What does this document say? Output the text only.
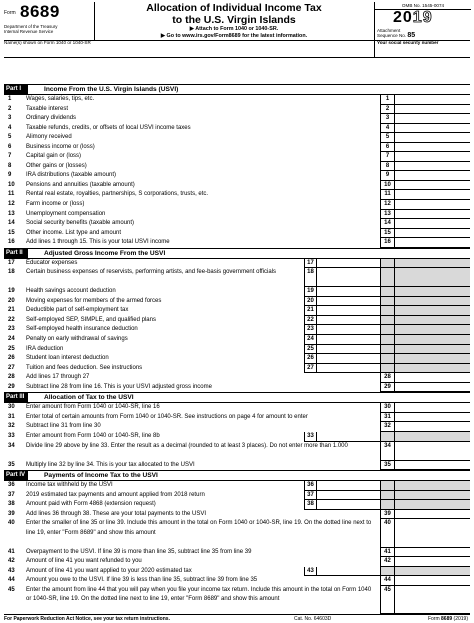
Form 8689
Department of the Treasury
Internal Revenue Service
Allocation of Individual Income Tax
to the U.S. Virgin Islands
▶ Attach to Form 1040 or 1040-SR.
▶ Go to www.irs.gov/Form8689 for the latest information.
OMB No. 1545-0074
2019
Attachment
Sequence No. 85
Name(s) shown on Form 1040 or 1040-SR	Your social security number
Part I	Income From the U.S. Virgin Islands (USVI)
1 Wages, salaries, tips, etc.	1
2 Taxable interest	2
3 Ordinary dividends	3
4 Taxable refunds, credits, or offsets of local USVI income taxes	4
5 Alimony received	5
6 Business income or (loss)	6
7 Capital gain or (loss)	7
8 Other gains or (losses)	8
9 IRA distributions (taxable amount)	9
10 Pensions and annuities (taxable amount)	10
11 Rental real estate, royalties, partnerships, S corporations, trusts, etc.	11
12 Farm income or (loss)	12
13 Unemployment compensation	13
14 Social security benefits (taxable amount)	14
15 Other income. List type and amount	15
16 Add lines 1 through 15. This is your total USVI income	16
Part II	Adjusted Gross Income From the USVI
17 Educator expenses	17
18 Certain business expenses of reservists, performing artists, and fee-basis government officials	18
19 Health savings account deduction	19
20 Moving expenses for members of the armed forces	20
21 Deductible part of self-employment tax	21
22 Self-employed SEP, SIMPLE, and qualified plans	22
23 Self-employed health insurance deduction	23
24 Penalty on early withdrawal of savings	24
25 IRA deduction	25
26 Student loan interest deduction	26
27 Tuition and fees deduction. See instructions	27
28 Add lines 17 through 27	28
29 Subtract line 28 from line 16. This is your USVI adjusted gross income	29
Part III	Allocation of Tax to the USVI
30 Enter amount from Form 1040 or 1040-SR, line 16	30
31 Enter total of certain amounts from Form 1040 or 1040-SR. See instructions on page 4 for amount to enter	31
32 Subtract line 31 from line 30	32
33 Enter amount from Form 1040 or 1040-SR, line 8b	33
34 Divide line 29 above by line 33. Enter the result as a decimal (rounded to at least 3 places). Do not enter more than 1.000	34
35 Multiply line 32 by line 34. This is your tax allocated to the USVI	35
Part IV	Payments of Income Tax to the USVI
36 Income tax withheld by the USVI	36
37 2019 estimated tax payments and amount applied from 2018 return	37
38 Amount paid with Form 4868 (extension request)	38
39 Add lines 36 through 38. These are your total payments to the USVI	39
40 Enter the smaller of line 35 or line 39. Include this amount in the total on Form 1040 or 1040-SR, line 19. On the dotted line next to line 19, enter "Form 8689" and show this amount
40
41 Overpayment to the USVI. If line 39 is more than line 35, subtract line 35 from line 39	41
42 Amount of line 41 you want refunded to you	42
43 Amount of line 41 you want applied to your 2020 estimated tax	43
44 Amount you owe to the USVI. If line 39 is less than line 35, subtract line 39 from line 35	44
45 Enter the amount from line 44 that you will pay when you file your income tax return. Include this amount in the total on Form 1040 or 1040-SR, line 19. On the dotted line next to line 19, enter "Form 8689" and show this amount
45
For Paperwork Reduction Act Notice, see your tax return instructions.	Cat. No. 64603D	Form 8689 (2019)
